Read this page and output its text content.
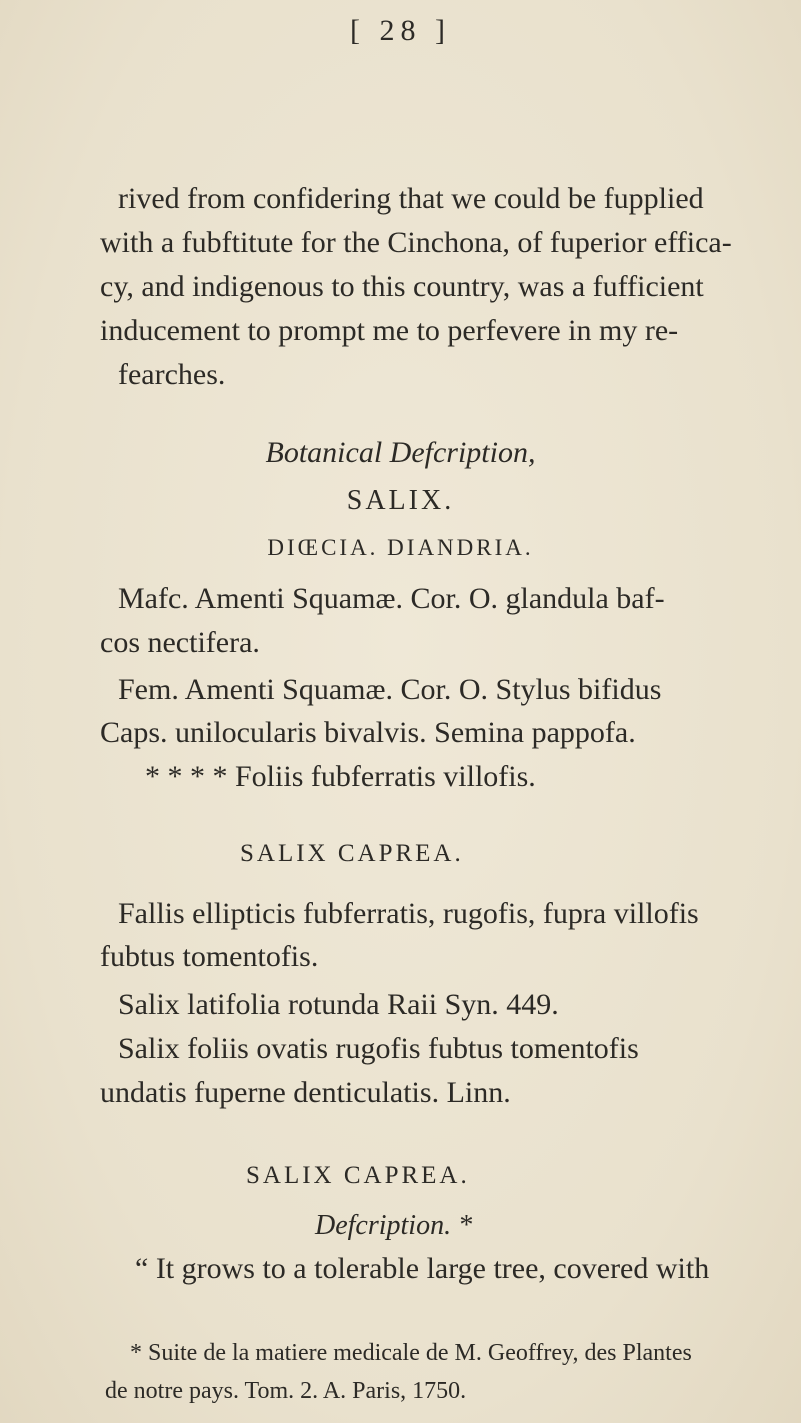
[ 28 ]
rived from confidering that we could be fupplied
with a fubftitute for the Cinchona, of fuperior effica-
cy, and indigenous to this country, was a fufficient
inducement to prompt me to perfevere in my re-
fearches.
Botanical Defcription,
SALIX.
DIŒCIA. DIANDRIA.
Mafc. Amenti Squamæ. Cor. O. glandula baf-
cos nectifera.
Fem. Amenti Squamæ. Cor. O. Stylus bifidus
Caps. unilocularis bivalvis. Semina pappofa.
* * * * Foliis fubferratis villofis.
SALIX CAPREA.
Fallis ellipticis fubferratis, rugofis, fupra villofis
fubtus tomentofis.
Salix latifolia rotunda Raii Syn. 449.
Salix foliis ovatis rugofis fubtus tomentofis
undatis fuperne denticulatis. Linn.
SALIX CAPREA.
Defcription. *
“ It grows to a tolerable large tree, covered with
* Suite de la matiere medicale de M. Geoffrey, des Plantes
de notre pays. Tom. 2. A. Paris, 1750.
